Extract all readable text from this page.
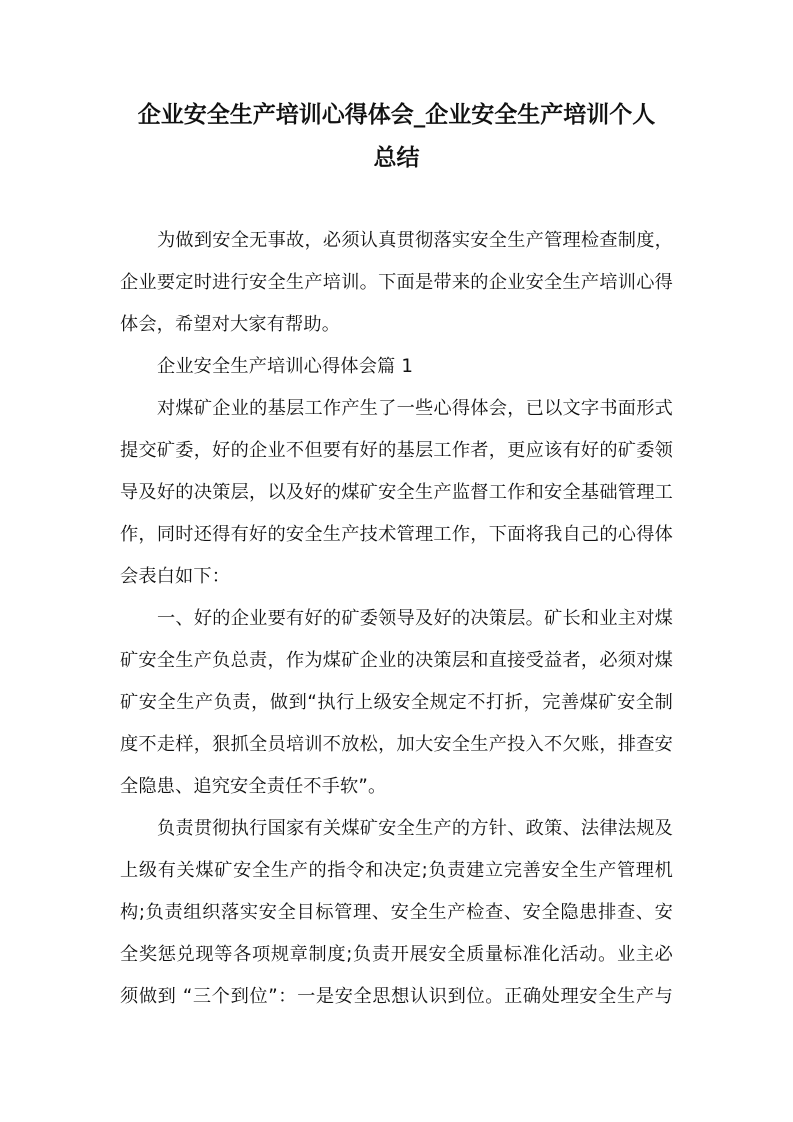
企业安全生产培训心得体会_企业安全生产培训个人
总结
为做到安全无事故，必须认真贯彻落实安全生产管理检查制度，
企业要定时进行安全生产培训。下面是带来的企业安全生产培训心得
体会，希望对大家有帮助。
企业安全生产培训心得体会篇 1
对煤矿企业的基层工作产生了一些心得体会，已以文字书面形式
提交矿委，好的企业不但要有好的基层工作者，更应该有好的矿委领
导及好的决策层，以及好的煤矿安全生产监督工作和安全基础管理工
作，同时还得有好的安全生产技术管理工作，下面将我自己的心得体
会表白如下：
一、好的企业要有好的矿委领导及好的决策层。矿长和业主对煤
矿安全生产负总责，作为煤矿企业的决策层和直接受益者，必须对煤
矿安全生产负责，做到“执行上级安全规定不打折，完善煤矿安全制
度不走样，狠抓全员培训不放松，加大安全生产投入不欠账，排查安
全隐患、追究安全责任不手软”。
负责贯彻执行国家有关煤矿安全生产的方针、政策、法律法规及
上级有关煤矿安全生产的指令和决定;负责建立完善安全生产管理机
构;负责组织落实安全目标管理、安全生产检查、安全隐患排查、安
全奖惩兑现等各项规章制度;负责开展安全质量标准化活动。业主必
须做到 “三个到位”：一是安全思想认识到位。正确处理安全生产与
